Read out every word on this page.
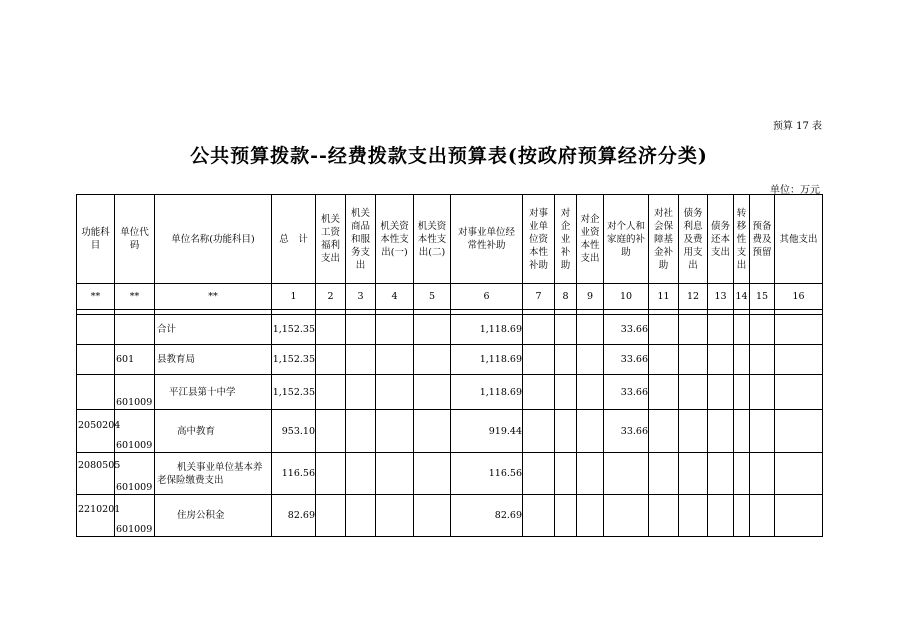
预算 17 表
公共预算拨款--经费拨款支出预算表(按政府预算经济分类)
单位：万元
功能科目	单位代码	单位名称(功能科目)	总　计	机关工资福利支出	机关商品和服务支出	机关资本性支出(一)	机关资本性支出(二)	对事业单位经常性补助	对事业单位资本性补助	对企业补助	对企业资本性支出	对个人和家庭的补助	对社会保障基金补助	债务利息及费用支出	债务还本支出	转移性支出	预备费及预留	其他支出
**	**	**	1	2	3	4	5	6	7	8	9	10	11	12	13	14	15	16

		合计	1,152.35					1,118.69				33.66						
	601	县教育局	1,152.35					1,118.69				33.66						
	601009	平江县第十中学	1,152.35					1,118.69				33.66						
2050204	601009	高中教育	953.10					919.44				33.66						
2080505	601009	机关事业单位基本养老保险缴费支出	116.56					116.56										
2210201	601009	住房公积金	82.69					82.69										
